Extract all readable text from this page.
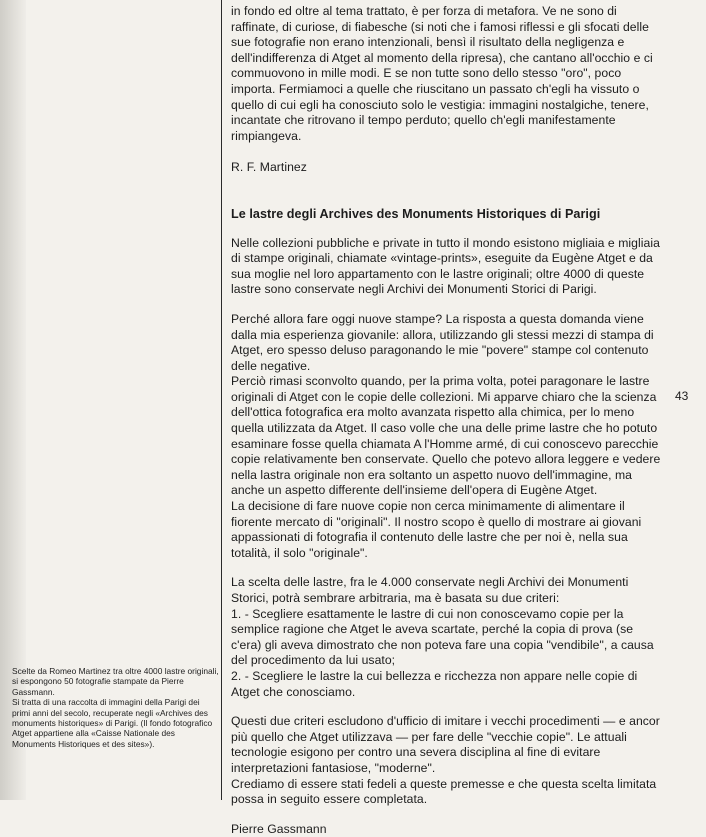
in fondo ed oltre al tema trattato, è per forza di metafora. Ve ne sono di raffinate, di curiose, di fiabesche (si noti che i famosi riflessi e gli sfocati delle sue fotografie non erano intenzionali, bensì il risultato della negligenza e dell'indifferenza di Atget al momento della ripresa), che cantano all'occhio e ci commuovono in mille modi. E se non tutte sono dello stesso "oro", poco importa. Fermiamoci a quelle che riuscitano un passato ch'egli ha vissuto o quello di cui egli ha conosciuto solo le vestigia: immagini nostalgiche, tenere, incantate che ritrovano il tempo perduto; quello ch'egli manifestamente rimpiangeva.

R. F. Martinez

Le lastre degli Archives des Monuments Historiques di Parigi

Nelle collezioni pubbliche e private in tutto il mondo esistono migliaia e migliaia di stampe originali, chiamate «vintage-prints», eseguite da Eugène Atget e da sua moglie nel loro appartamento con le lastre originali; oltre 4000 di queste lastre sono conservate negli Archivi dei Monumenti Storici di Parigi.

Perché allora fare oggi nuove stampe? La risposta a questa domanda viene dalla mia esperienza giovanile: allora, utilizzando gli stessi mezzi di stampa di Atget, ero spesso deluso paragonando le mie "povere" stampe col contenuto delle negative.

Perciò rimasi sconvolto quando, per la prima volta, potei paragonare le lastre originali di Atget con le copie delle collezioni. Mi apparve chiaro che la scienza dell'ottica fotografica era molto avanzata rispetto alla chimica, per lo meno quella utilizzata da Atget. Il caso volle che una delle prime lastre che ho potuto esaminare fosse quella chiamata A l'Homme armé, di cui conoscevo parecchie copie relativamente ben conservate. Quello che potevo allora leggere e vedere nella lastra originale non era soltanto un aspetto nuovo dell'immagine, ma anche un aspetto differente dell'insieme dell'opera di Eugène Atget.

La decisione di fare nuove copie non cerca minimamente di alimentare il fiorente mercato di "originali". Il nostro scopo è quello di mostrare ai giovani appassionati di fotografia il contenuto delle lastre che per noi è, nella sua totalità, il solo "originale".

La scelta delle lastre, fra le 4.000 conservate negli Archivi dei Monumenti Storici, potrà sembrare arbitraria, ma è basata su due criteri:

1. - Scegliere esattamente le lastre di cui non conoscevamo copie per la semplice ragione che Atget le aveva scartate, perché la copia di prova (se c'era) gli aveva dimostrato che non poteva fare una copia "vendibile", a causa del procedimento da lui usato;

2. - Scegliere le lastre la cui bellezza e ricchezza non appare nelle copie di Atget che conosciamo.

Questi due criteri escludono d'ufficio di imitare i vecchi procedimenti — e ancor più quello che Atget utilizzava — per fare delle "vecchie copie". Le attuali tecnologie esigono per contro una severa disciplina al fine di evitare interpretazioni fantasiose, "moderne".

Crediamo di essere stati fedeli a queste premesse e che questa scelta limitata possa in seguito essere completata.

Pierre Gassmann

43

Scelte da Romeo Martinez tra oltre 4000 lastre originali, si espongono 50 fotografie stampate da Pierre Gassmann.

Si tratta di una raccolta di immagini della Parigi dei primi anni del secolo, recuperate negli «Archives des monuments historiques» di Parigi. (Il fondo fotografico Atget appartiene alla «Caisse Nationale des Monuments Historiques et des sites»).
